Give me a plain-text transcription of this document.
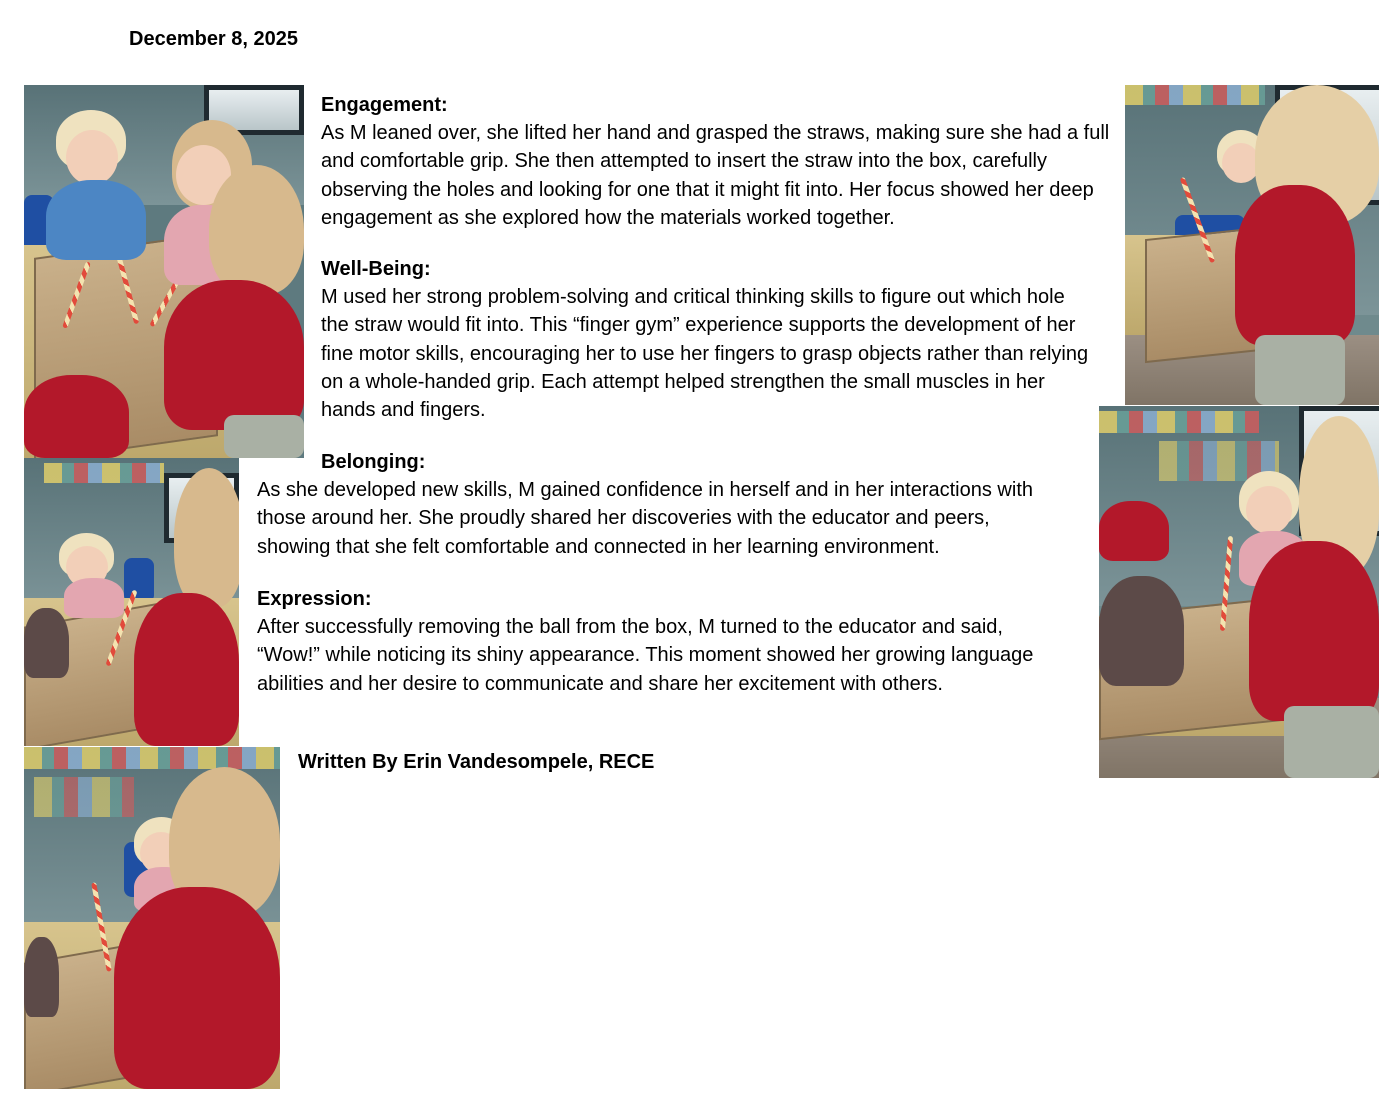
December 8, 2025
Engagement:

As M leaned over, she lifted her hand and grasped the straws, making sure she had a full and comfortable grip. She then attempted to insert the straw into the box, carefully observing the holes and looking for one that it might fit into. Her focus showed her deep engagement as she explored how the materials worked together.

Well-Being:

M used her strong problem-solving and critical thinking skills to figure out which hole the straw would fit into. This “finger gym” experience supports the development of her fine motor skills, encouraging her to use her fingers to grasp objects rather than relying on a whole-handed grip. Each attempt helped strengthen the small muscles in her hands and fingers.

Belonging:

As she developed new skills, M gained confidence in herself and in her interactions with those around her. She proudly shared her discoveries with the educator and peers, showing that she felt comfortable and connected in her learning environment.

Expression:

After successfully removing the ball from the box, M turned to the educator and said, “Wow!” while noticing its shiny appearance. This moment showed her growing language abilities and her desire to communicate and share her excitement with others.

Written By Erin Vandesompele, RECE
